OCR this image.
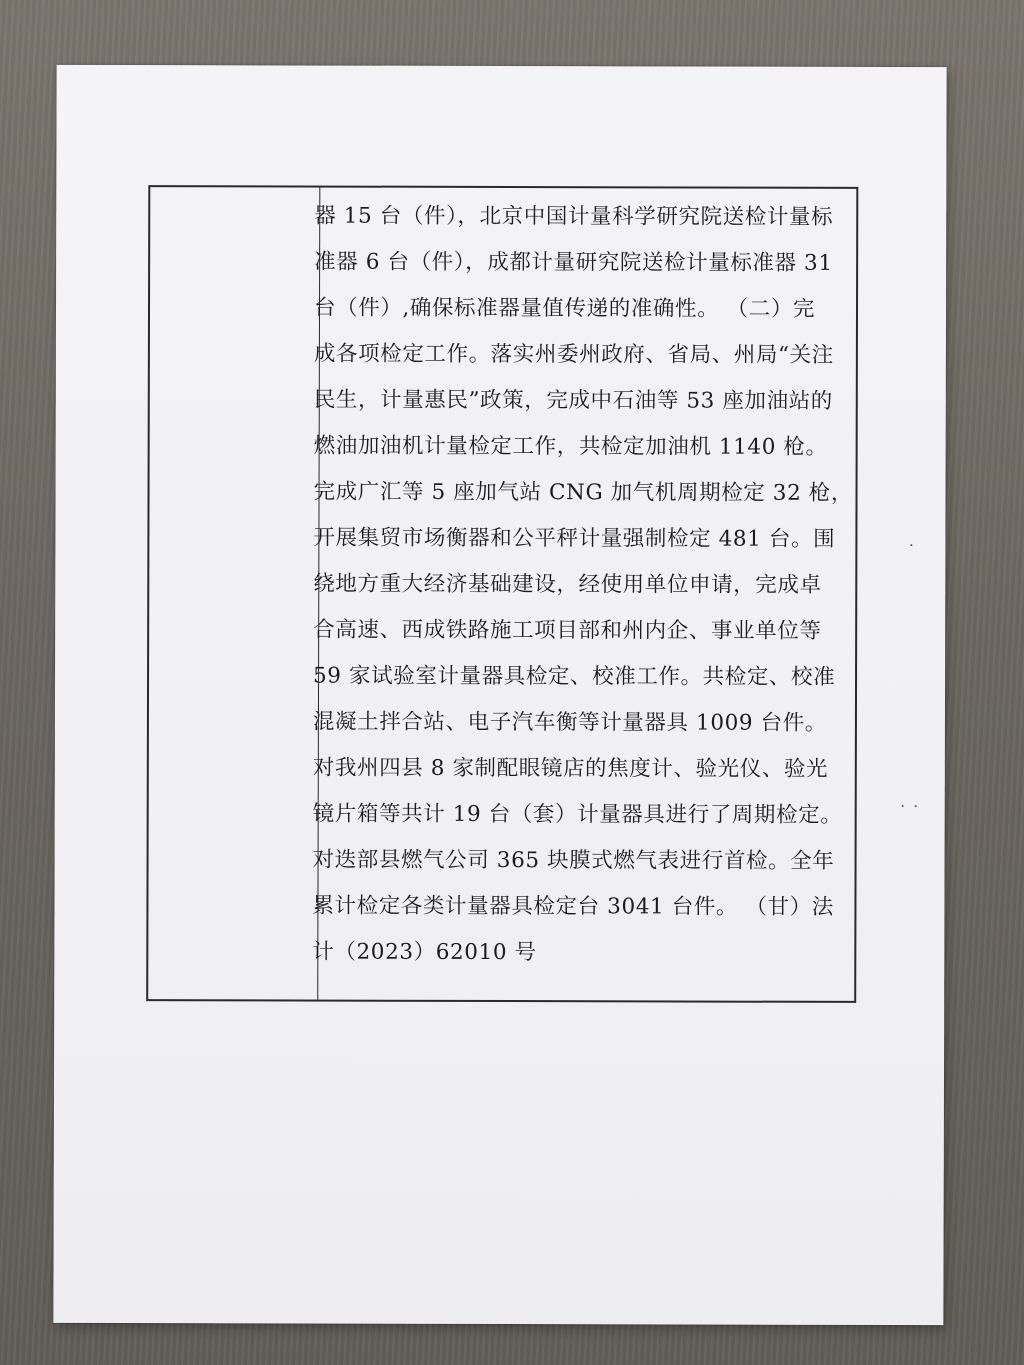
器 15 台（件），北京中国计量科学研究院送检计量标
准器 6 台（件），成都计量研究院送检计量标准器 31
台（件）,确保标准器量值传递的准确性。 （二）完
成各项检定工作。落实州委州政府、省局、州局“关注
民生，计量惠民”政策，完成中石油等 53 座加油站的
燃油加油机计量检定工作，共检定加油机 1140 枪。
完成广汇等 5 座加气站 CNG 加气机周期检定 32 枪，
开展集贸市场衡器和公平秤计量强制检定 481 台。围
绕地方重大经济基础建设，经使用单位申请，完成卓
合高速、西成铁路施工项目部和州内企、事业单位等
59 家试验室计量器具检定、校准工作。共检定、校准
混凝土拌合站、电子汽车衡等计量器具 1009 台件。
对我州四县 8 家制配眼镜店的焦度计、验光仪、验光
镜片箱等共计 19 台（套）计量器具进行了周期检定。
对迭部县燃气公司 365 块膜式燃气表进行首检。全年
累计检定各类计量器具检定台 3041 台件。 （甘）法
计（2023）62010 号
